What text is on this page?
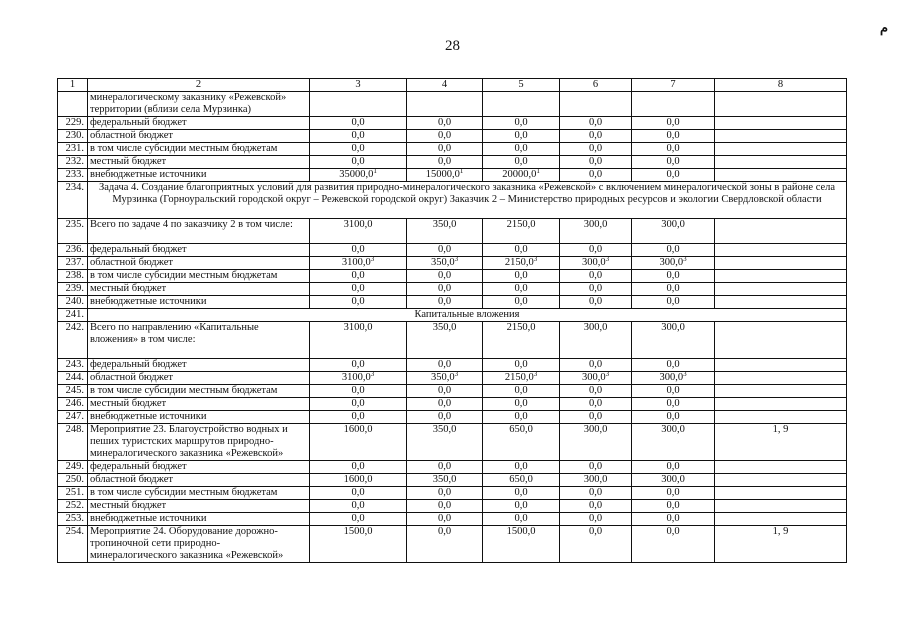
28
م
1	2	3	4	5	6	7	8
	минералогическому заказнику «Режевской» территории (вблизи села Мурзинка)						
229.	федеральный бюджет	0,0	0,0	0,0	0,0	0,0	
230.	областной бюджет	0,0	0,0	0,0	0,0	0,0	
231.	в том числе субсидии местным бюджетам	0,0	0,0	0,0	0,0	0,0	
232.	местный бюджет	0,0	0,0	0,0	0,0	0,0	
233.	внебюджетные источники	35000,0$^1$	15000,0$^1$	20000,0$^1$	0,0	0,0	
234.	Задача 4. Создание благоприятных условий для развития природно-минералогического заказника «Режевской» с включением минералогической зоны в районе села Мурзинка (Горноуральский городской округ – Режевской городской округ) Заказчик 2 – Министерство природных ресурсов и экологии Свердловской области						
235.	Всего по задаче 4 по заказчику 2 в том числе:	3100,0	350,0	2150,0	300,0	300,0	
236.	федеральный бюджет	0,0	0,0	0,0	0,0	0,0	
237.	областной бюджет	3100,0$^3$	350,0$^3$	2150,0$^3$	300,0$^3$	300,0$^3$	
238.	в том числе субсидии местным бюджетам	0,0	0,0	0,0	0,0	0,0	
239.	местный бюджет	0,0	0,0	0,0	0,0	0,0	
240.	внебюджетные источники	0,0	0,0	0,0	0,0	0,0	
241.	Капитальные вложения						
242.	Всего по направлению «Капитальные вложения» в том числе:	3100,0	350,0	2150,0	300,0	300,0	
243.	федеральный бюджет	0,0	0,0	0,0	0,0	0,0	
244.	областной бюджет	3100,0$^3$	350,0$^3$	2150,0$^3$	300,0$^3$	300,0$^3$	
245.	в том числе субсидии местным бюджетам	0,0	0,0	0,0	0,0	0,0	
246.	местный бюджет	0,0	0,0	0,0	0,0	0,0	
247.	внебюджетные источники	0,0	0,0	0,0	0,0	0,0	
248.	Мероприятие 23. Благоустройство водных и пеших туристских маршрутов природно-минералогического заказника «Режевской»	1600,0	350,0	650,0	300,0	300,0	1, 9
249.	федеральный бюджет	0,0	0,0	0,0	0,0	0,0	
250.	областной бюджет	1600,0	350,0	650,0	300,0	300,0	
251.	в том числе субсидии местным бюджетам	0,0	0,0	0,0	0,0	0,0	
252.	местный бюджет	0,0	0,0	0,0	0,0	0,0	
253.	внебюджетные источники	0,0	0,0	0,0	0,0	0,0	
254.	Мероприятие 24. Оборудование дорожно-тропиночной сети природно-минералогического заказника «Режевской»	1500,0	0,0	1500,0	0,0	0,0	1, 9
